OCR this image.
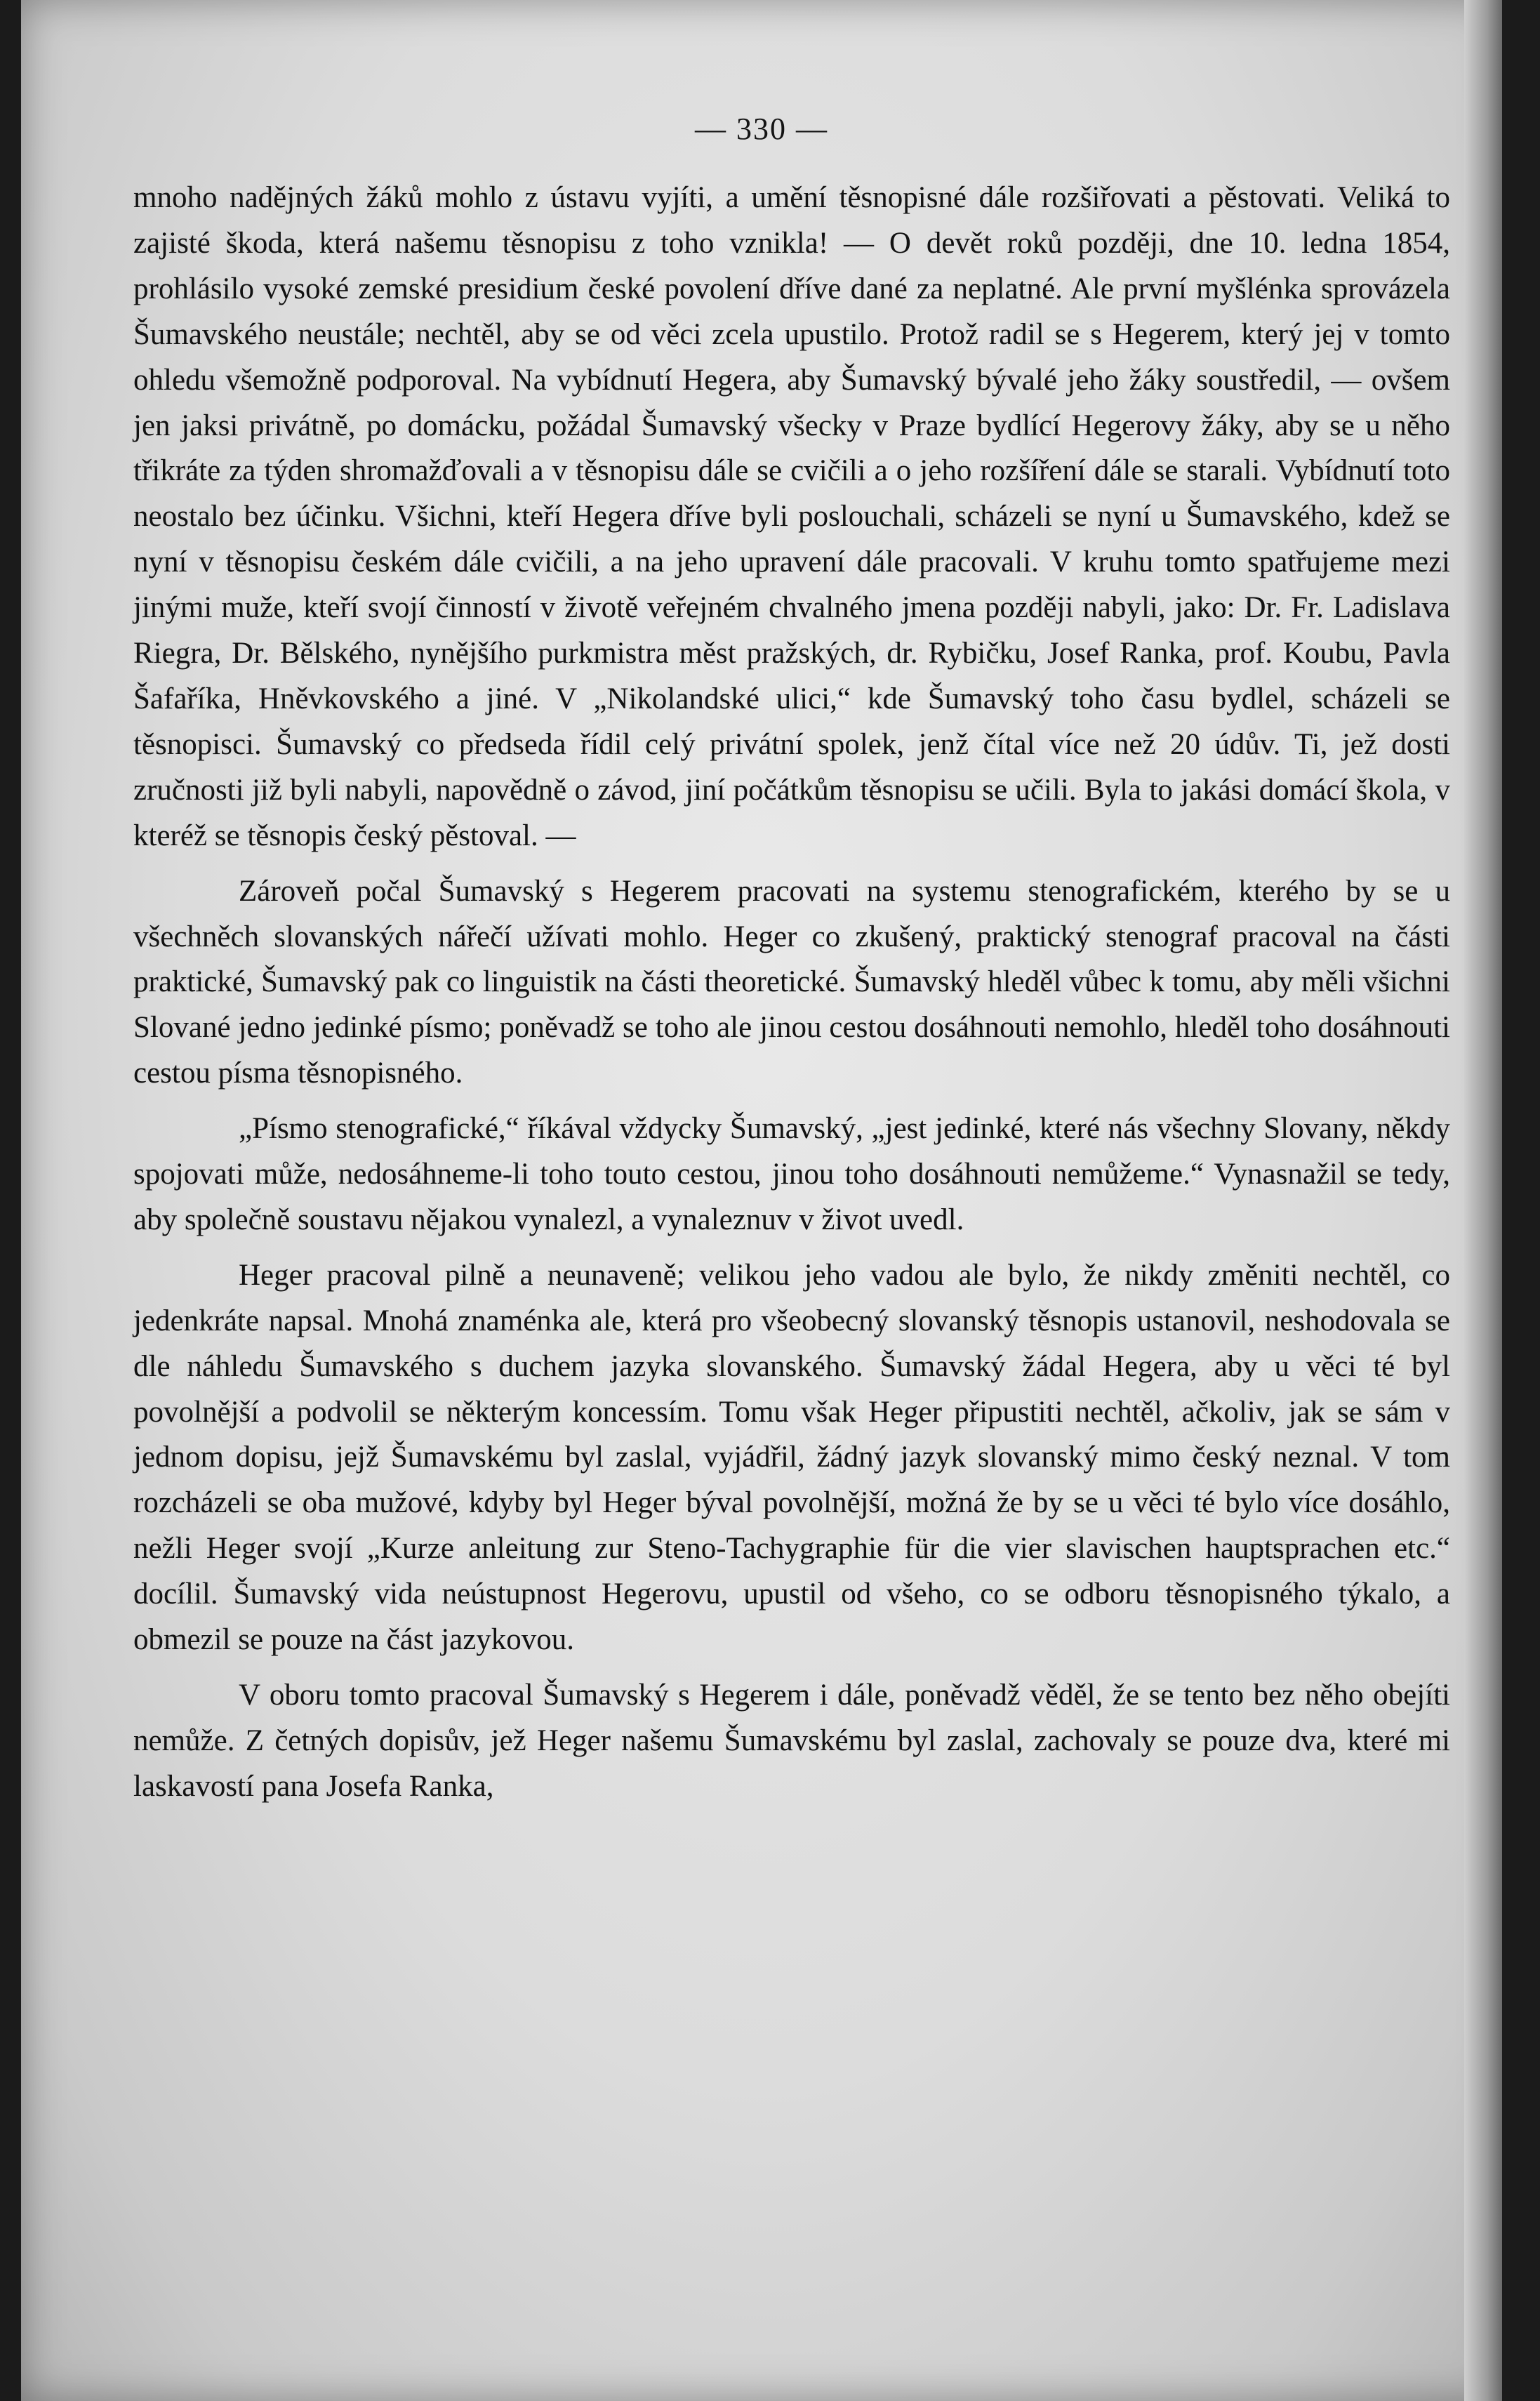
— 330 —

mnoho nadějných žáků mohlo z ústavu vyjíti, a umění těsnopisné dále rozšiřovati a pěstovati. Veliká to zajisté škoda, která našemu těsnopisu z toho vznikla! — O devět roků později, dne 10. ledna 1854, prohlásilo vysoké zemské presidium české povolení dříve dané za neplatné. Ale první myšlénka sprovázela Šumavského neustále; nechtěl, aby se od věci zcela upustilo. Protož radil se s Hegerem, který jej v tomto ohledu všemožně podporoval. Na vybídnutí Hegera, aby Šumavský bývalé jeho žáky soustředil, — ovšem jen jaksi privátně, po domácku, požádal Šumavský všecky v Praze bydlící Hegerovy žáky, aby se u něho třikráte za týden shromažďovali a v těsnopisu dále se cvičili a o jeho rozšíření dále se starali. Vybídnutí toto neostalo bez účinku. Všichni, kteří Hegera dříve byli poslouchali, scházeli se nyní u Šumavského, kdež se nyní v těsnopisu českém dále cvičili, a na jeho upravení dále pracovali. V kruhu tomto spatřujeme mezi jinými muže, kteří svojí činností v životě veřejném chvalného jmena později nabyli, jako: Dr. Fr. Ladislava Riegra, Dr. Bělského, nynějšího purkmistra měst pražských, dr. Rybičku, Josef Ranka, prof. Koubu, Pavla Šafaříka, Hněvkovského a jiné. V „Nikolandské ulici,“ kde Šumavský toho času bydlel, scházeli se těsnopisci. Šumavský co předseda řídil celý privátní spolek, jenž čítal více než 20 údův. Ti, jež dosti zručnosti již byli nabyli, napovědně o závod, jiní počátkům těsnopisu se učili. Byla to jakási domácí škola, v kteréž se těsnopis český pěstoval. —

Zároveň počal Šumavský s Hegerem pracovati na systemu stenografickém, kterého by se u všechněch slovanských nářečí užívati mohlo. Heger co zkušený, praktický stenograf pracoval na části praktické, Šumavský pak co linguistik na části theoretické. Šumavský hleděl vůbec k tomu, aby měli všichni Slované jedno jedinké písmo; poněvadž se toho ale jinou cestou dosáhnouti nemohlo, hleděl toho dosáhnouti cestou písma těsnopisného.

„Písmo stenografické,“ říkával vždycky Šumavský, „jest jedinké, které nás všechny Slovany, někdy spojovati může, nedosáhneme-li toho touto cestou, jinou toho dosáhnouti nemůžeme.“ Vynasnažil se tedy, aby společně soustavu nějakou vynalezl, a vynaleznuv v život uvedl.

Heger pracoval pilně a neunaveně; velikou jeho vadou ale bylo, že nikdy změniti nechtěl, co jedenkráte napsal. Mnohá znaménka ale, která pro všeobecný slovanský těsnopis ustanovil, neshodovala se dle náhledu Šumavského s duchem jazyka slovanského. Šumavský žádal Hegera, aby u věci té byl povolnější a podvolil se některým koncessím. Tomu však Heger připustiti nechtěl, ačkoliv, jak se sám v jednom dopisu, jejž Šumavskému byl zaslal, vyjádřil, žádný jazyk slovanský mimo český neznal. V tom rozcházeli se oba mužové, kdyby byl Heger býval povolnější, možná že by se u věci té bylo více dosáhlo, nežli Heger svojí „Kurze anleitung zur Steno-Tachygraphie für die vier slavischen hauptsprachen etc.“ docílil. Šumavský vida neústupnost Hegerovu, upustil od všeho, co se odboru těsnopisného týkalo, a obmezil se pouze na část jazykovou.

V oboru tomto pracoval Šumavský s Hegerem i dále, poněvadž věděl, že se tento bez něho obejíti nemůže. Z četných dopisův, jež Heger našemu Šumavskému byl zaslal, zachovaly se pouze dva, které mi laskavostí pana Josefa Ranka,
